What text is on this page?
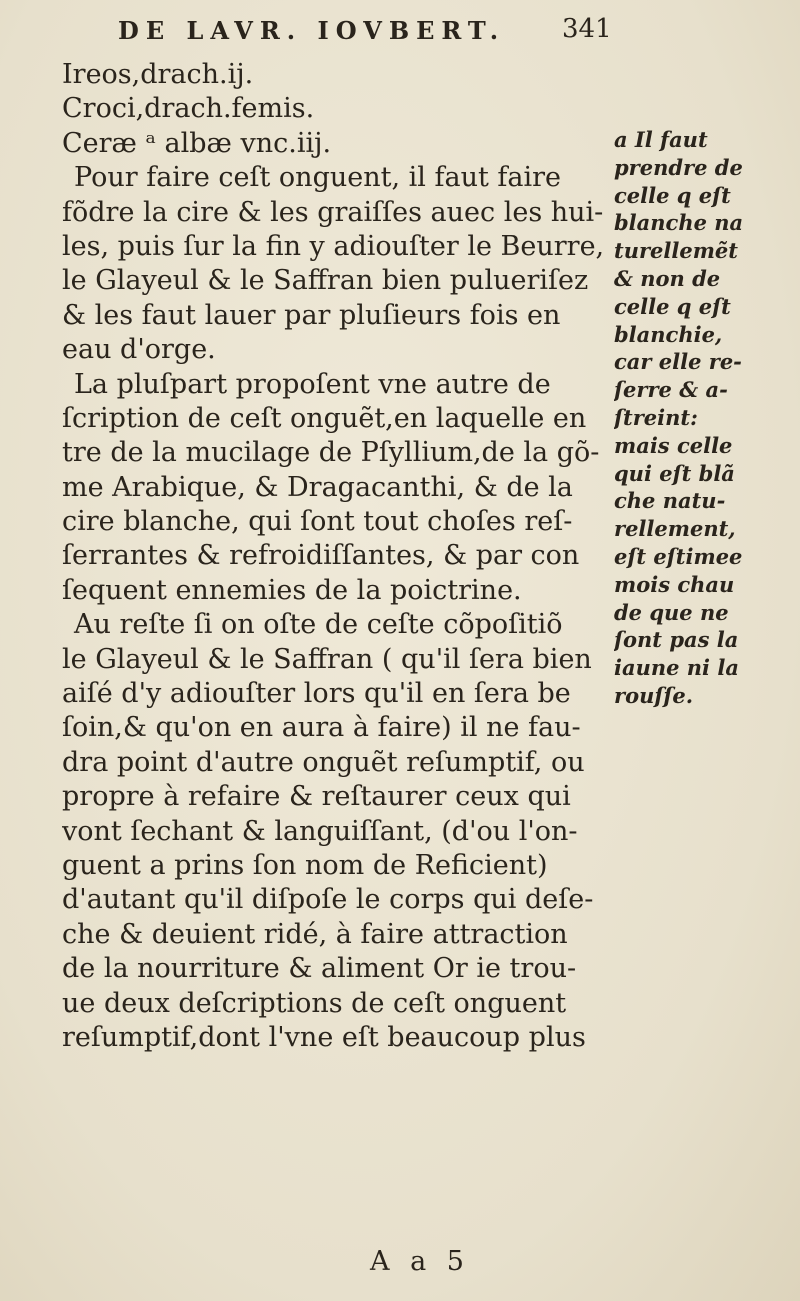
DE LAVR. IOVBERT. 341
Ireos,drach.ij.
Croci,drach.femis.
Ceræ ᵃ albæ vnc.iij.
Pour faire ceſt onguent, il faut faire
fõdre la cire & les graiſſes auec les hui-
les, puis ſur la fin y adiouſter le Beurre,
le Glayeul & le Saffran bien pulueriſez
& les faut lauer par pluſieurs fois en
eau d'orge.
La pluſpart propoſent vne autre de
ſcription de ceſt onguẽt,en laquelle en
tre de la mucilage de Pſyllium,de la gõ-
me Arabique, & Dragacanthi, & de la
cire blanche, qui ſont tout choſes reſ-
ſerrantes & refroidiſſantes, & par con
ſequent ennemies de la poictrine.
Au reſte ſi on oſte de ceſte cõpoſitiõ
le Glayeul & le Saffran ( qu'il ſera bien
aiſé d'y adiouſter lors qu'il en ſera be
ſoin,& qu'on en aura à faire) il ne fau-
dra point d'autre onguẽt reſumptif, ou
propre à refaire & reſtaurer ceux qui
vont ſechant & languiſſant, (d'ou l'on-
guent a prins ſon nom de Reficient)
d'autant qu'il diſpoſe le corps qui deſe-
che & deuient ridé, à faire attraction
de la nourriture & aliment Or ie trou-
ue deux deſcriptions de ceſt onguent
reſumptif,dont l'vne eſt beaucoup plus
a Il faut
prendre de
celle q eſt
blanche na
turellemẽt
& non de
celle q eſt
blanchie,
car elle re-
ſerre & a-
ſtreint:
mais celle
qui eſt blã
che natu-
rellement,
eſt eſtimee
mois chau
de que ne
ſont pas la
iaune ni la
rouſſe.
A a 5
